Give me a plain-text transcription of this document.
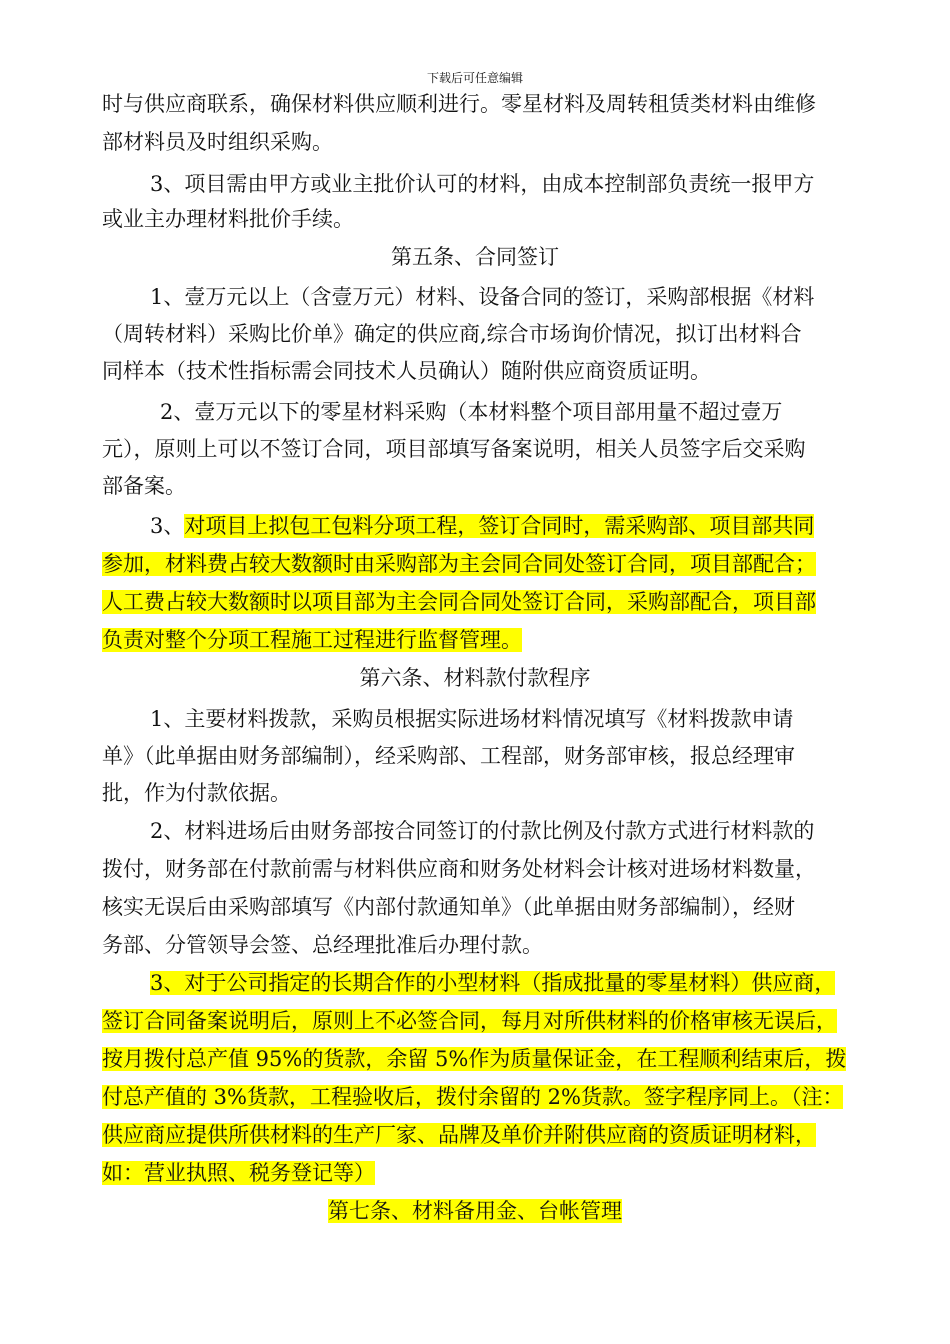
下载后可任意编辑
时与供应商联系，确保材料供应顺利进行。零星材料及周转租赁类材料由维修
部材料员及时组织采购。
3、项目需由甲方或业主批价认可的材料，由成本控制部负责统一报甲方
或业主办理材料批价手续。
第五条、合同签订
1、壹万元以上（含壹万元）材料、设备合同的签订，采购部根据《材料
（周转材料）采购比价单》确定的供应商,综合市场询价情况，拟订出材料合
同样本（技术性指标需会同技术人员确认）随附供应商资质证明。
2、壹万元以下的零星材料采购（本材料整个项目部用量不超过壹万
元），原则上可以不签订合同，项目部填写备案说明，相关人员签字后交采购
部备案。
3、对项目上拟包工包料分项工程，签订合同时，需采购部、项目部共同
参加，材料费占较大数额时由采购部为主会同合同处签订合同，项目部配合；
人工费占较大数额时以项目部为主会同合同处签订合同，采购部配合，项目部
负责对整个分项工程施工过程进行监督管理。
第六条、材料款付款程序
1、主要材料拨款，采购员根据实际进场材料情况填写《材料拨款申请
单》（此单据由财务部编制），经采购部、工程部，财务部审核，报总经理审
批，作为付款依据。
2、材料进场后由财务部按合同签订的付款比例及付款方式进行材料款的
拨付，财务部在付款前需与材料供应商和财务处材料会计核对进场材料数量，
核实无误后由采购部填写《内部付款通知单》（此单据由财务部编制），经财
务部、分管领导会签、总经理批准后办理付款。
3、对于公司指定的长期合作的小型材料（指成批量的零星材料）供应商，
签订合同备案说明后，原则上不必签合同，每月对所供材料的价格审核无误后，
按月拨付总产值 95%的货款，余留 5%作为质量保证金，在工程顺利结束后，拨
付总产值的 3%货款，工程验收后，拨付余留的 2%货款。签字程序同上。（注：
供应商应提供所供材料的生产厂家、品牌及单价并附供应商的资质证明材料，
如：营业执照、税务登记等）
第七条、材料备用金、台帐管理
